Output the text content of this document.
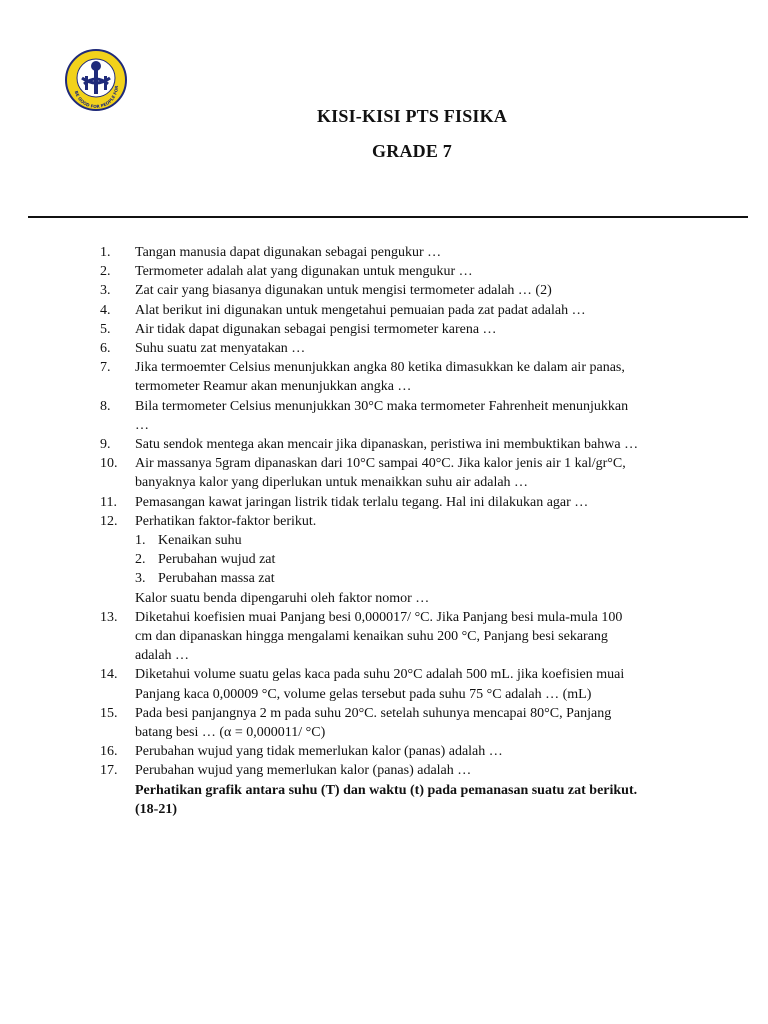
BE GOOD FOR PEOPLE FOR
KISI-KISI PTS FISIKA
GRADE 7
1.	Tangan manusia dapat digunakan sebagai pengukur …
2.	Termometer adalah alat yang digunakan untuk mengukur …
3.	Zat cair yang biasanya digunakan untuk mengisi termometer adalah … (2)
4.	Alat berikut ini digunakan untuk mengetahui pemuaian pada zat padat adalah …
5.	Air tidak dapat digunakan sebagai pengisi termometer karena …
6.	Suhu suatu zat menyatakan …
7.	Jika termoemter Celsius menunjukkan angka 80 ketika dimasukkan ke dalam air panas,
termometer Reamur akan menunjukkan angka …
8.	Bila termometer Celsius menunjukkan 30°C maka termometer Fahrenheit menunjukkan
…
9.	Satu sendok mentega akan mencair jika dipanaskan, peristiwa ini membuktikan bahwa …
10.	Air massanya 5gram dipanaskan dari 10°C sampai 40°C. Jika kalor jenis air 1 kal/gr°C,
banyaknya kalor yang diperlukan untuk menaikkan suhu air adalah …
11.	Pemasangan kawat jaringan listrik tidak terlalu tegang. Hal ini dilakukan agar …
12.	Perhatikan faktor-faktor berikut.
1. Kenaikan suhu
2. Perubahan wujud zat
3. Perubahan massa zat
Kalor suatu benda dipengaruhi oleh faktor nomor …
13.	Diketahui koefisien muai Panjang besi 0,000017/ °C. Jika Panjang besi mula-mula 100
cm dan dipanaskan hingga mengalami kenaikan suhu 200 °C, Panjang besi sekarang
adalah …
14.	Diketahui volume suatu gelas kaca pada suhu 20°C adalah 500 mL. jika koefisien muai
Panjang kaca 0,00009 °C, volume gelas tersebut pada suhu 75 °C adalah … (mL)
15.	Pada besi panjangnya 2 m pada suhu 20°C. setelah suhunya mencapai 80°C, Panjang
batang besi … (α = 0,000011/ °C)
16.	Perubahan wujud yang tidak memerlukan kalor (panas) adalah …
17.	Perubahan wujud yang memerlukan kalor (panas) adalah …
Perhatikan grafik antara suhu (T) dan waktu (t) pada pemanasan suatu zat berikut.
(18-21)
